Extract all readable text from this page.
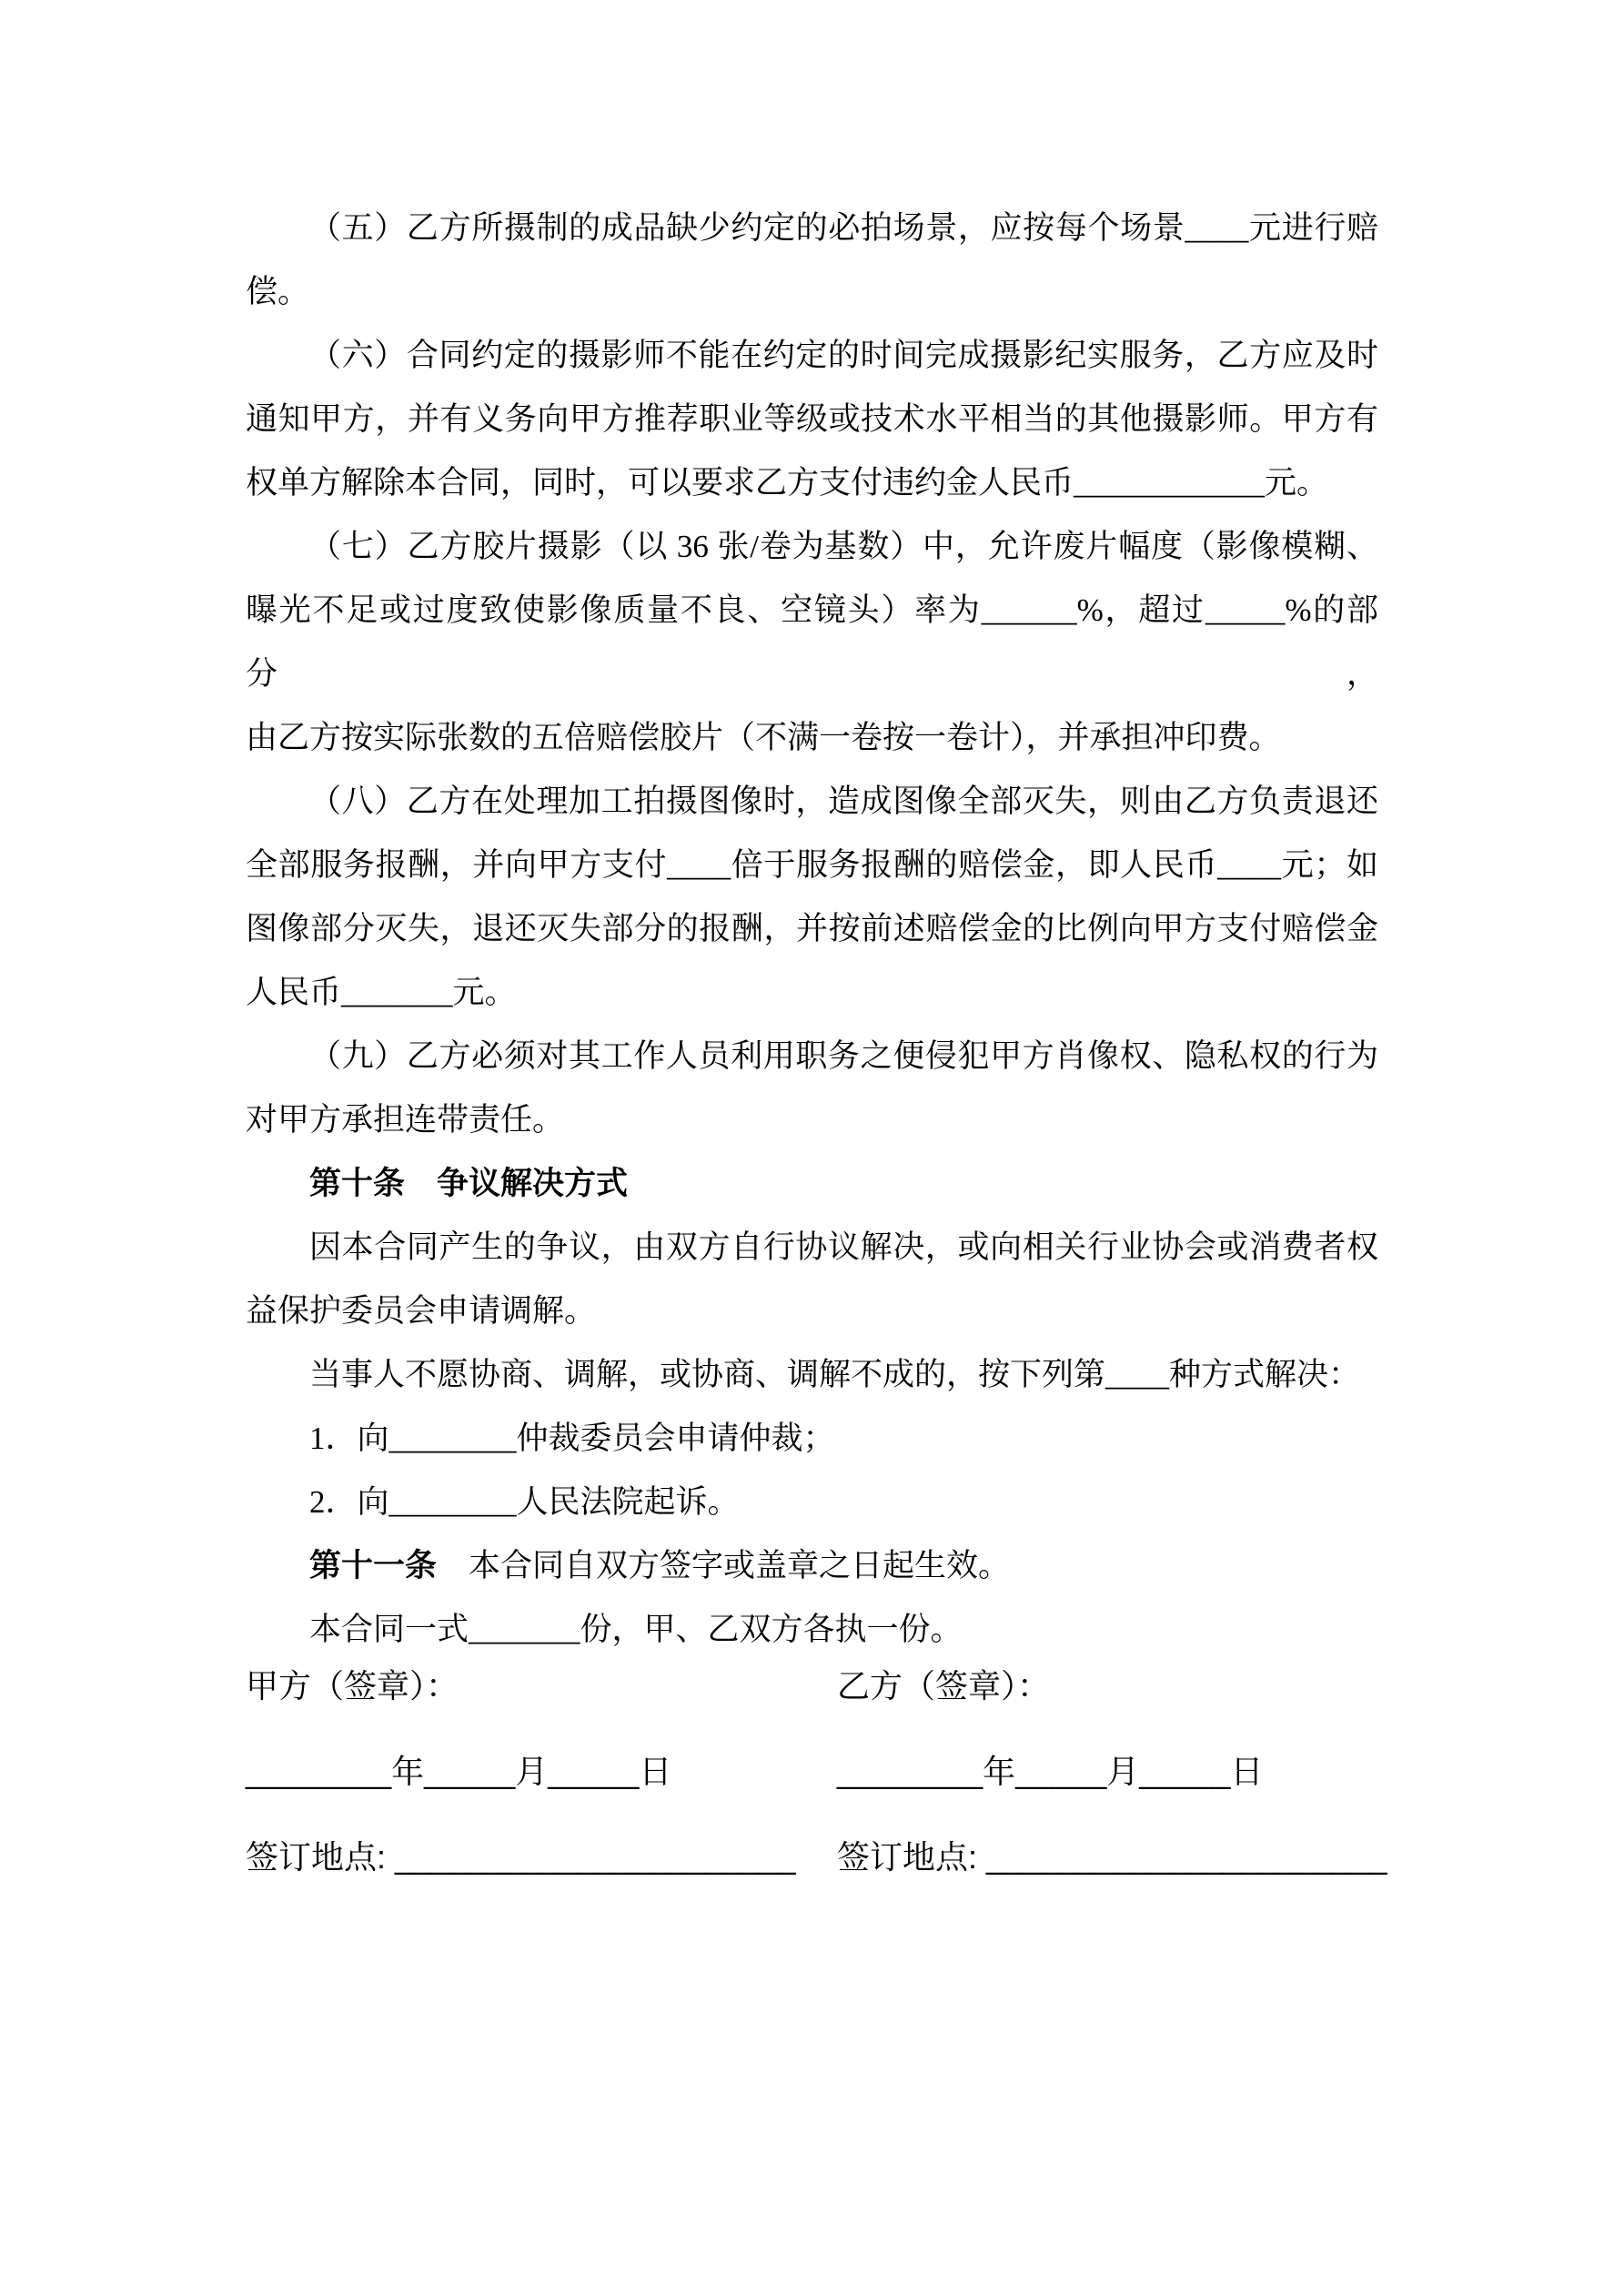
（五）乙方所摄制的成品缺少约定的必拍场景，应按每个场景____元进行赔
偿。
（六）合同约定的摄影师不能在约定的时间完成摄影纪实服务，乙方应及时
通知甲方，并有义务向甲方推荐职业等级或技术水平相当的其他摄影师。甲方有
权单方解除本合同，同时，可以要求乙方支付违约金人民币____________元。
（七）乙方胶片摄影（以 36 张/卷为基数）中，允许废片幅度（影像模糊、
曝光不足或过度致使影像质量不良、空镜头）率为______%，超过_____%的部分，
由乙方按实际张数的五倍赔偿胶片（不满一卷按一卷计），并承担冲印费。
（八）乙方在处理加工拍摄图像时，造成图像全部灭失，则由乙方负责退还
全部服务报酬，并向甲方支付____倍于服务报酬的赔偿金，即人民币____元；如
图像部分灭失，退还灭失部分的报酬，并按前述赔偿金的比例向甲方支付赔偿金
人民币_______元。
（九）乙方必须对其工作人员利用职务之便侵犯甲方肖像权、隐私权的行为
对甲方承担连带责任。
第十条　争议解决方式
因本合同产生的争议，由双方自行协议解决，或向相关行业协会或消费者权
益保护委员会申请调解。
当事人不愿协商、调解，或协商、调解不成的，按下列第____种方式解决：
1．向________仲裁委员会申请仲裁；
2．向________人民法院起诉。
第十一条　本合同自双方签字或盖章之日起生效。
本合同一式_______份，甲、乙双方各执一份。
甲方（签章）：
________年_____月_____日
签订地点: ______________________
乙方（签章）：
________年_____月_____日
签订地点: ______________________
